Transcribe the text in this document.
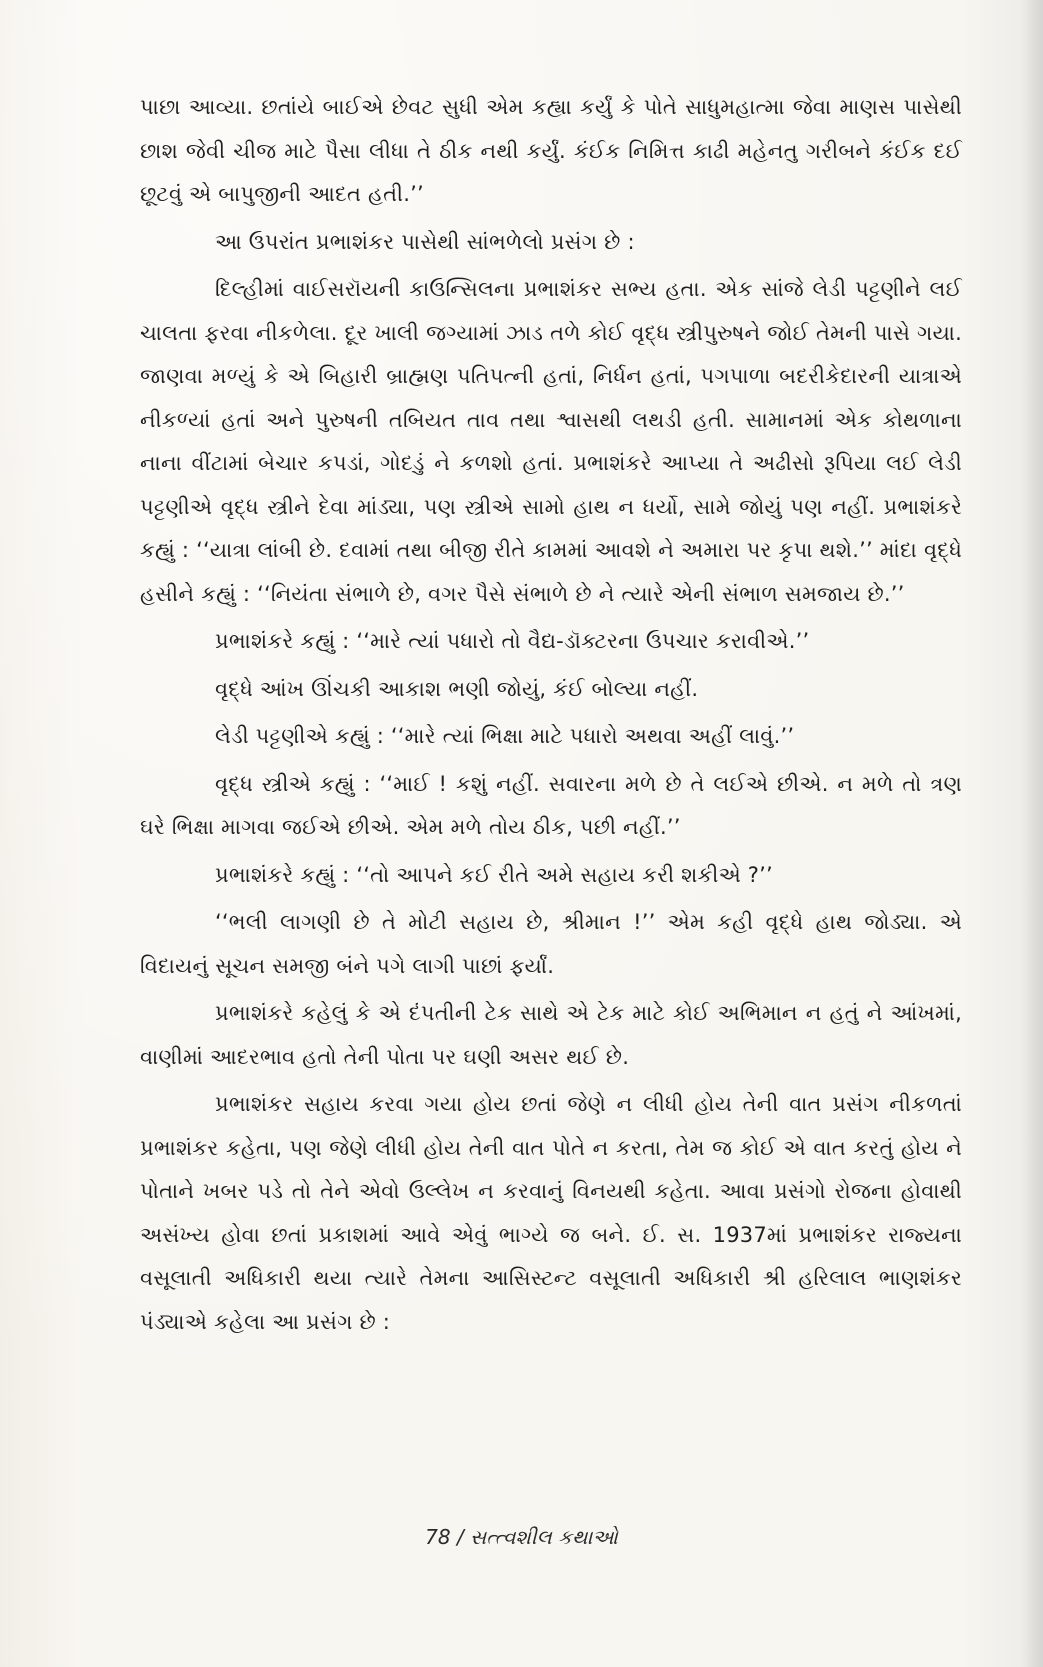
પાછા આવ્યા. છતાંયે બાઈએ છેવટ સુધી એમ કહ્યા કર્યું કે પોતે સાધુમહાત્મા જેવા માણસ પાસેથી છાશ જેવી ચીજ માટે પૈસા લીધા તે ઠીક નથી કર્યું. કંઈક નિમિત્ત કાઢી મહેનતુ ગરીબને કંઈક દઈ છૂટવું એ બાપુજીની આદત હતી.’’

આ ઉપરાંત પ્રભાશંકર પાસેથી સાંભળેલો પ્રસંગ છે :

દિલ્હીમાં વાઈસરૉયની કાઉન્સિલના પ્રભાશંકર સભ્ય હતા. એક સાંજે લેડી પટ્ટણીને લઈ ચાલતા ફરવા નીકળેલા. દૂર ખાલી જગ્યામાં ઝાડ તળે કોઈ વૃદ્ધ સ્ત્રીપુરુષને જોઈ તેમની પાસે ગયા. જાણવા મળ્યું કે એ બિહારી બ્રાહ્મણ પતિપત્ની હતાં, નિર્ધન હતાં, પગપાળા બદરીકેદારની યાત્રાએ નીકળ્યાં હતાં અને પુરુષની તબિયત તાવ તથા શ્વાસથી લથડી હતી. સામાનમાં એક કોથળાના નાના વીંટામાં બેચાર કપડાં, ગોદડું ને કળશો હતાં. પ્રભાશંકરે આપ્યા તે અઢીસો રૂપિયા લઈ લેડી પટ્ટણીએ વૃદ્ધ સ્ત્રીને દેવા માંડ્યા, પણ સ્ત્રીએ સામો હાથ ન ધર્યો, સામે જોયું પણ નહીં. પ્રભાશંકરે કહ્યું : ‘‘યાત્રા લાંબી છે. દવામાં તથા બીજી રીતે કામમાં આવશે ને અમારા પર કૃપા થશે.’’ માંદા વૃદ્ધે હસીને કહ્યું : ‘‘નિયંતા સંભાળે છે, વગર પૈસે સંભાળે છે ને ત્યારે એની સંભાળ સમજાય છે.’’

પ્રભાશંકરે કહ્યું : ‘‘મારે ત્યાં પધારો તો વૈદ્ય-ડૉક્ટરના ઉપચાર કરાવીએ.’’

વૃદ્ધે આંખ ઊંચકી આકાશ ભણી જોયું, કંઈ બોલ્યા નહીં.

લેડી પટ્ટણીએ કહ્યું : ‘‘મારે ત્યાં ભિક્ષા માટે પધારો અથવા અહીં લાવું.’’

વૃદ્ધ સ્ત્રીએ કહ્યું : ‘‘માઈ ! કશું નહીં. સવારના મળે છે તે લઈએ છીએ. ન મળે તો ત્રણ ઘરે ભિક્ષા માગવા જઈએ છીએ. એમ મળે તોય ઠીક, પછી નહીં.’’

પ્રભાશંકરે કહ્યું : ‘‘તો આપને કઈ રીતે અમે સહાય કરી શકીએ ?’’

‘‘ભલી લાગણી છે તે મોટી સહાય છે, શ્રીમાન !’’ એમ કહી વૃદ્ધે હાથ જોડ્યા. એ વિદાયનું સૂચન સમજી બંને પગે લાગી પાછાં ફર્યાં.

પ્રભાશંકરે કહેલું કે એ દંપતીની ટેક સાથે એ ટેક માટે કોઈ અભિમાન ન હતું ને આંખમાં, વાણીમાં આદરભાવ હતો તેની પોતા પર ઘણી અસર થઈ છે.

પ્રભાશંકર સહાય કરવા ગયા હોય છતાં જેણે ન લીધી હોય તેની વાત પ્રસંગ નીકળતાં પ્રભાશંકર કહેતા, પણ જેણે લીધી હોય તેની વાત પોતે ન કરતા, તેમ જ કોઈ એ વાત કરતું હોય ને પોતાને ખબર પડે તો તેને એવો ઉલ્લેખ ન કરવાનું વિનયથી કહેતા. આવા પ્રસંગો રોજના હોવાથી અસંખ્ય હોવા છતાં પ્રકાશમાં આવે એવું ભાગ્યે જ બને. ઈ. સ. 1937માં પ્રભાશંકર રાજ્યના વસૂલાતી અધિકારી થયા ત્યારે તેમના આસિસ્ટન્ટ વસૂલાતી અધિકારી શ્રી હરિલાલ ભાણશંકર પંડ્યાએ કહેલા આ પ્રસંગ છે :

78 / સત્ત્વશીલ કથાઓ
